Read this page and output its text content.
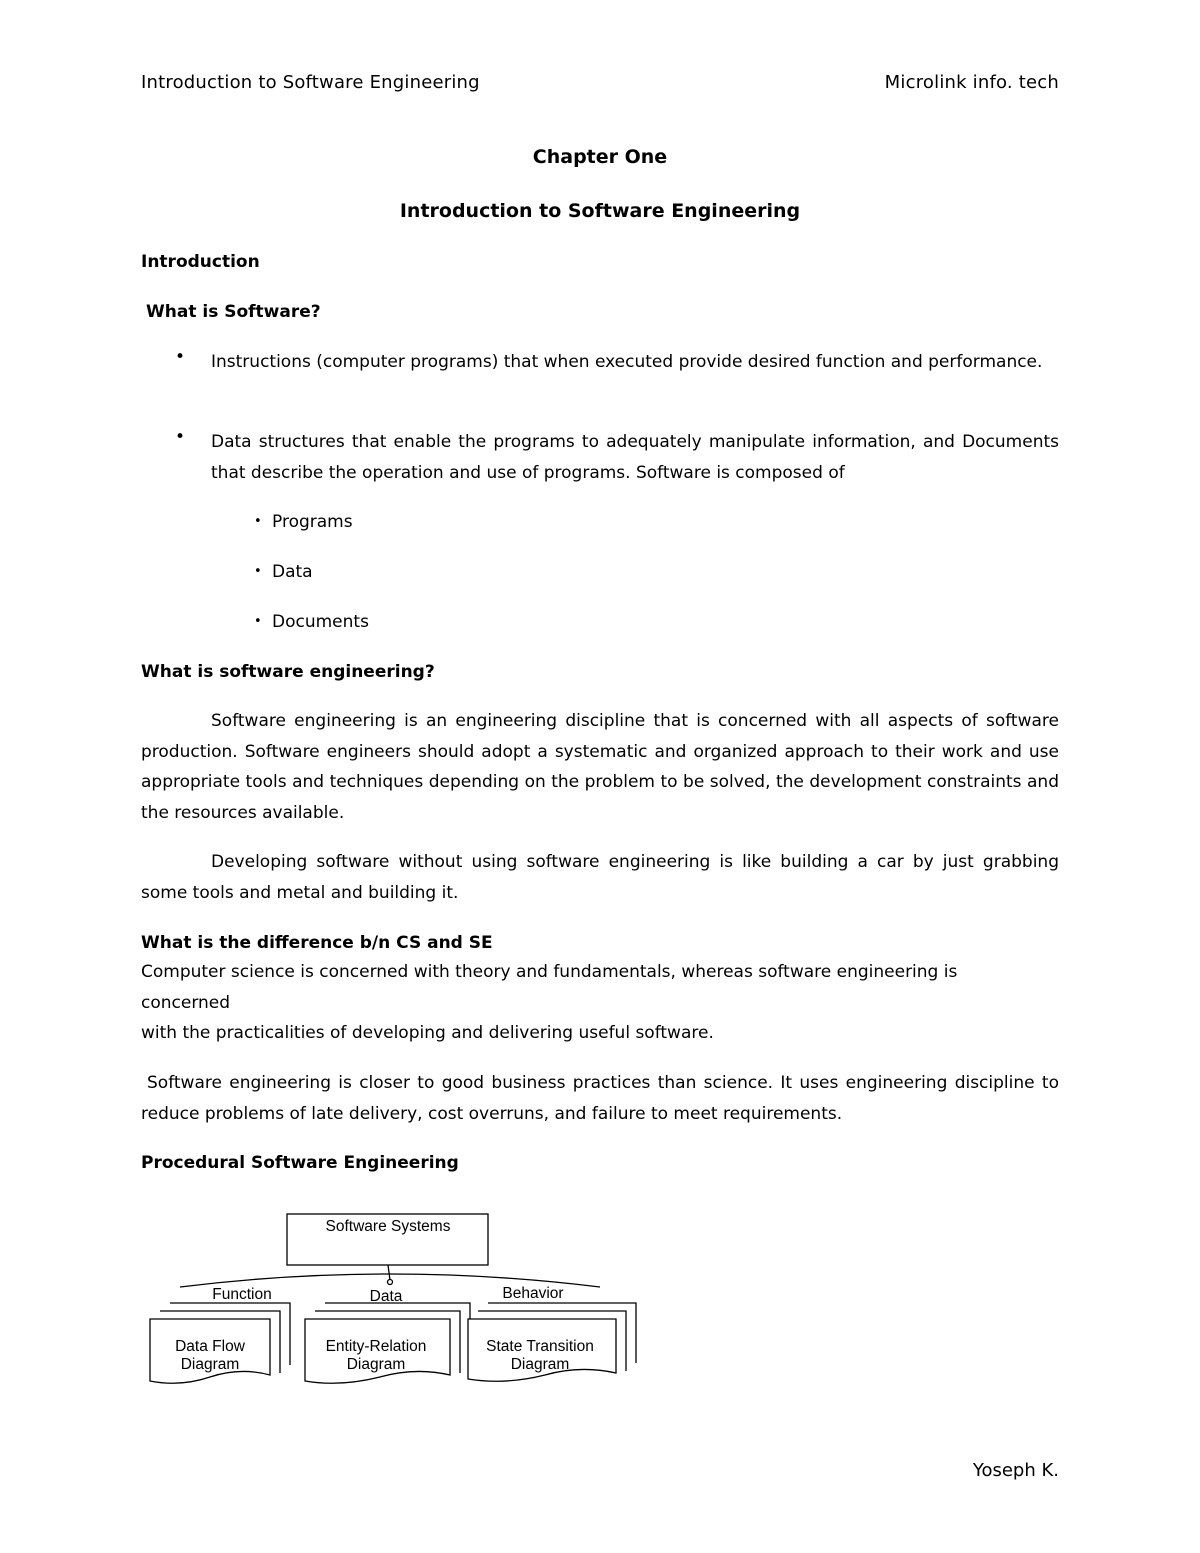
Introduction to Software Engineering	Microlink info. tech
Chapter One
Introduction to Software Engineering
Introduction
What is Software?
•	Instructions (computer programs) that when executed provide desired function and performance.
•	Data structures that enable the programs to adequately manipulate information, and Documents that describe the operation and use of programs. Software is composed of
• Programs
• Data
• Documents
What is software engineering?
Software engineering is an engineering discipline that is concerned with all aspects of software production. Software engineers should adopt a systematic and organized approach to their work and use appropriate tools and techniques depending on the problem to be solved, the development constraints and the resources available.
Developing software without using software engineering is like building a car by just grabbing some tools and metal and building it.
What is the difference b/n CS and SE
Computer science is concerned with theory and fundamentals, whereas software engineering is
concerned
with the practicalities of developing and delivering useful software.
Software engineering is closer to good business practices than science. It uses engineering discipline to reduce problems of late delivery, cost overruns, and failure to meet requirements.
Procedural Software Engineering
Software Systems
Function	Data	Behavior
Data Flow
Diagram
Entity-Relation
Diagram
State Transition
Diagram
Yoseph K.
